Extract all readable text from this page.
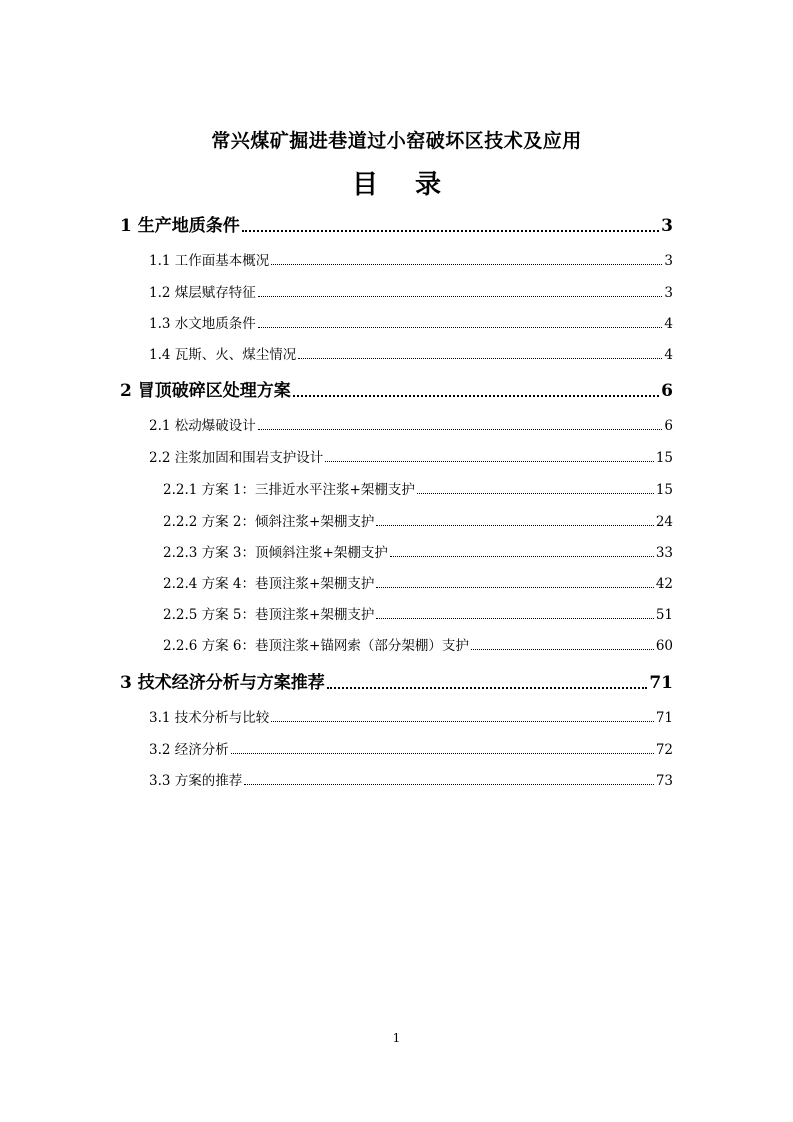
常兴煤矿掘进巷道过小窑破坏区技术及应用
目 录
1 生产地质条件	3
1.1 工作面基本概况	3
1.2 煤层赋存特征	3
1.3 水文地质条件	4
1.4 瓦斯、火、煤尘情况	4
2 冒顶破碎区处理方案	6
2.1 松动爆破设计	6
2.2 注浆加固和围岩支护设计	15
2.2.1 方案 1：三排近水平注浆+架棚支护	15
2.2.2 方案 2：倾斜注浆+架棚支护	24
2.2.3 方案 3：顶倾斜注浆+架棚支护	33
2.2.4 方案 4：巷顶注浆+架棚支护	42
2.2.5 方案 5：巷顶注浆+架棚支护	51
2.2.6 方案 6：巷顶注浆+锚网索（部分架棚）支护	60
3 技术经济分析与方案推荐	71
3.1 技术分析与比较	71
3.2 经济分析	72
3.3 方案的推荐	73
1
